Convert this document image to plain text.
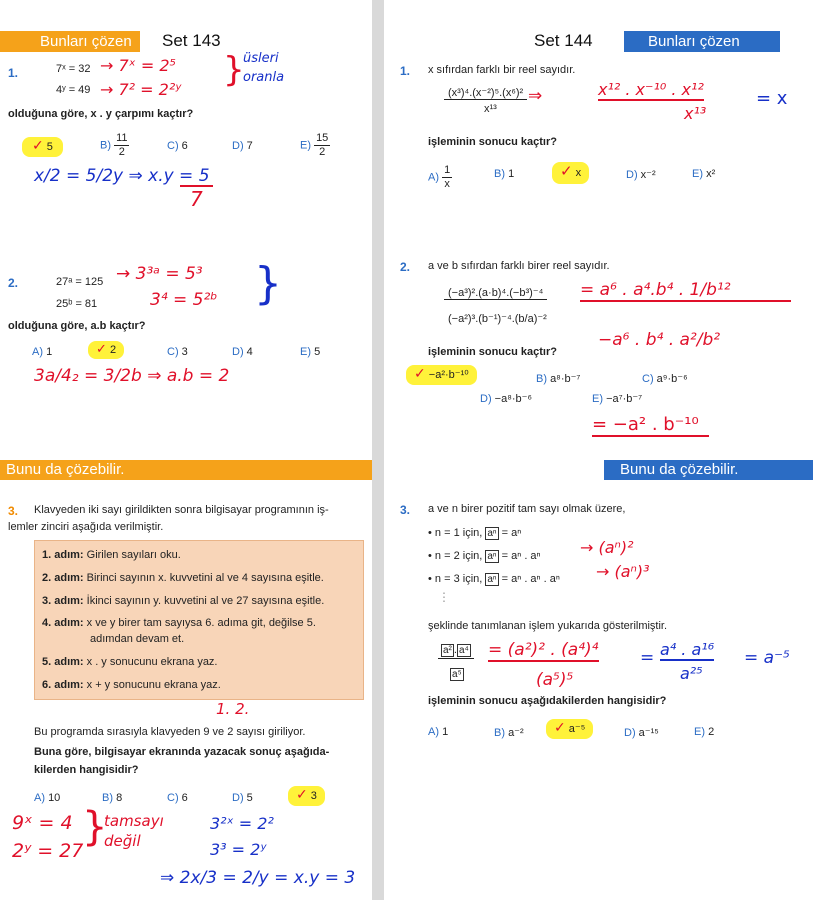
Bunları çözen	Set 143
1.	7ˣ = 32
4ʸ = 49
→ 7ˣ = 2⁵
→ 7² = 2²ʸ }
üsleri
oranla
olduğuna göre, x . y çarpımı kaçtır?
✓ 5	$B) \frac{11}{2}$	C) 6	D) 7	$E) \frac{15}{2}$
x/2 = 5/2y ⇒ x.y = 5
7
2.	27ᵃ = 125
25ᵇ = 81
→ 3³ᵃ = 5³
3⁴ = 5²ᵇ }
olduğuna göre, a.b kaçtır?
A) 1	✓ 2	C) 3	D) 4	E) 5
3a/4₂ = 3/2b ⇒ a.b = 2
Bunu da çözebilir.
3. Klavyeden iki sayı girildikten sonra bilgisayar programının iş-
lemler zinciri aşağıda verilmiştir.
1. adım: Girilen sayıları oku.
2. adım: Birinci sayının x. kuvvetini al ve 4 sayısına eşitle.
3. adım: İkinci sayının y. kuvvetini al ve 27 sayısına eşitle.
4. adım: x ve y birer tam sayıysa 6. adıma git, değilse 5.
adımdan devam et.
5. adım: x . y sonucunu ekrana yaz.
6. adım: x + y sonucunu ekrana yaz.
1. 2.
Bu programda sırasıyla klavyeden 9 ve 2 sayısı giriliyor.
Buna göre, bilgisayar ekranında yazacak sonuç aşağıda-
kilerden hangisidir?
A) 10	B) 8	C) 6	D) 5	✓ 3
9ˣ = 4
2ʸ = 27
}
tamsayı
değil
3²ˣ = 2²
3³ = 2ʸ
⇒ 2x/3 = 2/y = x.y = 3
Set 144	Bunları çözen
1. x sıfırdan farklı bir reel sayıdır.
(x³)⁴.(x⁻²)⁵.(x⁶)²
x¹³
⇒	x¹² . x⁻¹⁰ . x¹²
x¹³
= x
işleminin sonucu kaçtır?
$A) \frac{1}{x}$	B) 1	✓ x	D) x⁻²	E) x²
2. a ve b sıfırdan farklı birer reel sayıdır.
(−a³)².(a·b)⁴.(−b³)⁻⁴
(−a²)³.(b⁻¹)⁻⁴.(b/a)⁻²
= a⁶ . a⁴.b⁴ . 1/b¹²
−a⁶ . b⁴ . a²/b²
işleminin sonucu kaçtır?
✓ −a²·b⁻¹⁰	B) a⁸·b⁻⁷	C) a⁹·b⁻⁶
D) −a⁸·b⁻⁶	E) −a⁷·b⁻⁷
= −a² . b⁻¹⁰
Bunu da çözebilir.
3. a ve n birer pozitif tam sayı olmak üzere,
• n = 1 için, aⁿ = aⁿ
• n = 2 için, aⁿ = aⁿ . aⁿ → (aⁿ)²
• n = 3 için, aⁿ = aⁿ . aⁿ . aⁿ → (aⁿ)³
⋮
şeklinde tanımlanan işlem yukarıda gösterilmiştir.
a² . a⁴
a⁵
= (a²)² . (a⁴)⁴
(a⁵)⁵
= a⁴ . a¹⁶
a²⁵
= a⁻⁵
işleminin sonucu aşağıdakilerden hangisidir?
A) 1	B) a⁻²	✓ a⁻⁵	D) a⁻¹⁵	E) 2
